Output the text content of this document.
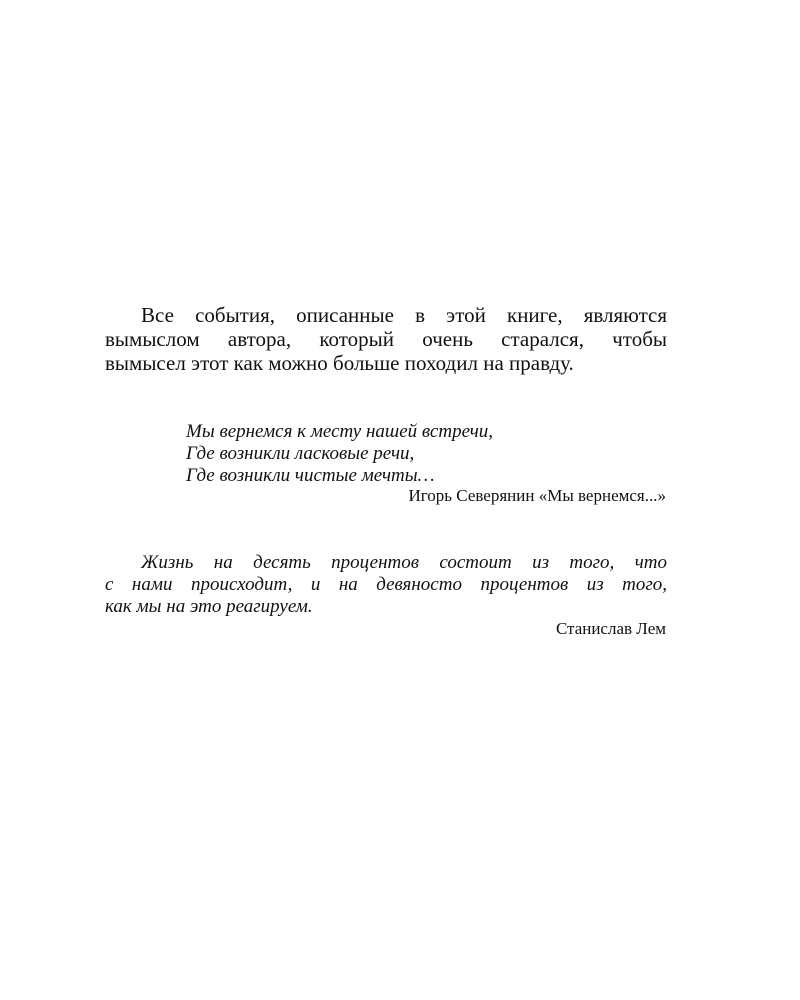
Все события, описанные в этой книге, являются
вымыслом автора, который очень старался, чтобы
вымысел этот как можно больше походил на правду.
Мы вернемся к месту нашей встречи,
Где возникли ласковые речи,
Где возникли чистые мечты…
Игорь Северянин «Мы вернемся...»
Жизнь на десять процентов состоит из того, что
с нами происходит, и на девяносто процентов из того,
как мы на это реагируем.
Станислав Лем
